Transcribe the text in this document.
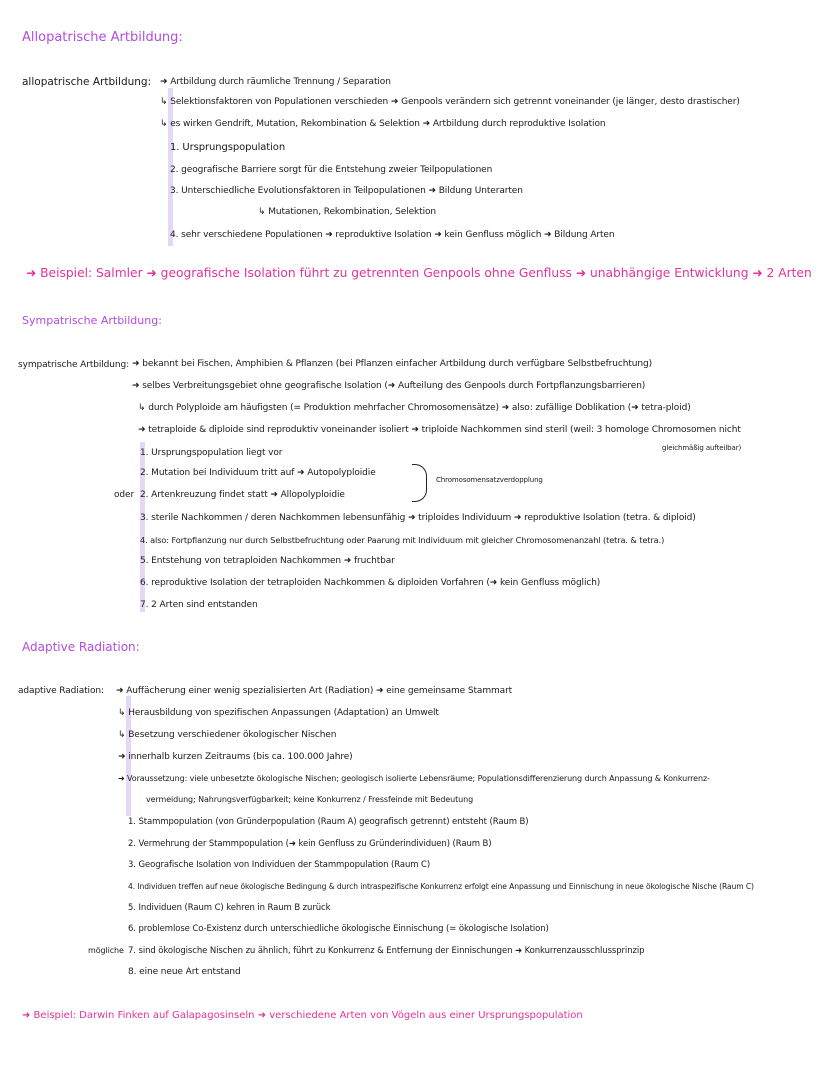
Allopatrische Artbildung:
allopatrische Artbildung: ➜ Artbildung durch räumliche Trennung / Separation
↳ Selektionsfaktoren von Populationen verschieden ➜ Genpools verändern sich getrennt voneinander (je länger, desto drastischer)
↳ es wirken Gendrift, Mutation, Rekombination & Selektion ➜ Artbildung durch reproduktive Isolation
1. Ursprungspopulation
2. geografische Barriere sorgt für die Entstehung zweier Teilpopulationen
3. Unterschiedliche Evolutionsfaktoren in Teilpopulationen ➜ Bildung Unterarten
↳ Mutationen, Rekombination, Selektion
4. sehr verschiedene Populationen ➜ reproduktive Isolation ➜ kein Genfluss möglich ➜ Bildung Arten
➜ Beispiel: Salmler ➜ geografische Isolation führt zu getrennten Genpools ohne Genfluss ➜ unabhängige Entwicklung ➜ 2 Arten
Sympatrische Artbildung:
sympatrische Artbildung: ➜ bekannt bei Fischen, Amphibien & Pflanzen (bei Pflanzen einfacher Artbildung durch verfügbare Selbstbefruchtung)
➜ selbes Verbreitungsgebiet ohne geografische Isolation (➜ Aufteilung des Genpools durch Fortpflanzungsbarrieren)
↳ durch Polyploide am häufigsten (= Produktion mehrfacher Chromosomensätze) ➜ also: zufällige Doblikation (➜ tetra-ploid)
➜ tetraploide & diploide sind reproduktiv voneinander isoliert ➜ triploide Nachkommen sind steril (weil: 3 homologe Chromosomen nicht
gleichmäßig aufteilbar)
1. Ursprungspopulation liegt vor
2. Mutation bei Individuum tritt auf ➜ Autopolyploidie
Chromosomensatzverdopplung
oder 2. Artenkreuzung findet statt ➜ Allopolyploidie
3. sterile Nachkommen / deren Nachkommen lebensunfähig ➜ triploides Individuum ➜ reproduktive Isolation (tetra. & diploid)
4. also: Fortpflanzung nur durch Selbstbefruchtung oder Paarung mit Individuum mit gleicher Chromosomenanzahl (tetra. & tetra.)
5. Entstehung von tetraploiden Nachkommen ➜ fruchtbar
6. reproduktive Isolation der tetraploiden Nachkommen & diploiden Vorfahren (➜ kein Genfluss möglich)
7. 2 Arten sind entstanden
Adaptive Radiation:
adaptive Radiation: ➜ Auffächerung einer wenig spezialisierten Art (Radiation) ➜ eine gemeinsame Stammart
↳ Herausbildung von spezifischen Anpassungen (Adaptation) an Umwelt
↳ Besetzung verschiedener ökologischer Nischen
➜ innerhalb kurzen Zeitraums (bis ca. 100.000 Jahre)
➜ Voraussetzung: viele unbesetzte ökologische Nischen; geologisch isolierte Lebensräume; Populationsdifferenzierung durch Anpassung & Konkurrenz-
vermeidung; Nahrungsverfügbarkeit; keine Konkurrenz / Fressfeinde mit Bedeutung
1. Stammpopulation (von Gründerpopulation (Raum A) geografisch getrennt) entsteht (Raum B)
2. Vermehrung der Stammpopulation (➜ kein Genfluss zu Gründerindividuen) (Raum B)
3. Geografische Isolation von Individuen der Stammpopulation (Raum C)
4. Individuen treffen auf neue ökologische Bedingung & durch intraspezifische Konkurrenz erfolgt eine Anpassung und Einnischung in neue ökologische Nische (Raum C)
5. Individuen (Raum C) kehren in Raum B zurück
6. problemlose Co-Existenz durch unterschiedliche ökologische Einnischung (= ökologische Isolation)
mögliche 7. sind ökologische Nischen zu ähnlich, führt zu Konkurrenz & Entfernung der Einnischungen ➜ Konkurrenzausschlussprinzip
8. eine neue Art entstand
➜ Beispiel: Darwin Finken auf Galapagosinseln ➜ verschiedene Arten von Vögeln aus einer Ursprungspopulation
